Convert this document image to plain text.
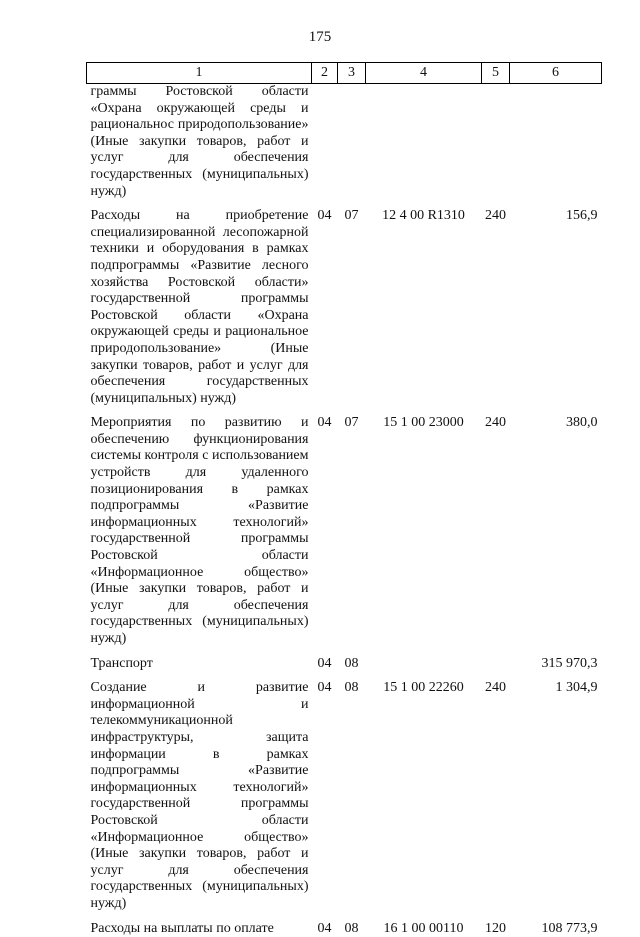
175
1	2	3	4	5	6
граммы Ростовской области «Охрана окружающей среды и рациональнос природопользование» (Иные закупки товаров, работ и услуг для обеспечения государственных (муниципальных) нужд)					
Расходы на приобретение специализированной лесопожарной техники и оборудования в рамках подпрограммы «Развитие лесного хозяйства Ростовской области» государственной программы Ростовской области «Охрана окружающей среды и рациональное природопользование» (Иные закупки товаров, работ и услуг для обеспечения государственных (муниципальных) нужд)	04	07	12 4 00 R1310	240	156,9
Мероприятия по развитию и обеспечению функционирования системы контроля с использованием устройств для удаленного позиционирования в рамках подпрограммы «Развитие информационных технологий» государственной программы Ростовской области «Информационное общество» (Иные закупки товаров, работ и услуг для обеспечения государственных (муниципальных) нужд)	04	07	15 1 00 23000	240	380,0
Транспорт	04	08			315 970,3
Создание и развитие информационной и телекоммуникационной инфраструктуры, защита информации в рамках подпрограммы «Развитие информационных технологий» государственной программы Ростовской области «Информационное общество» (Иные закупки товаров, работ и услуг для обеспечения государственных (муниципальных) нужд)	04	08	15 1 00 22260	240	1 304,9
Расходы на выплаты по оплате	04	08	16 1 00 00110	120	108 773,9
